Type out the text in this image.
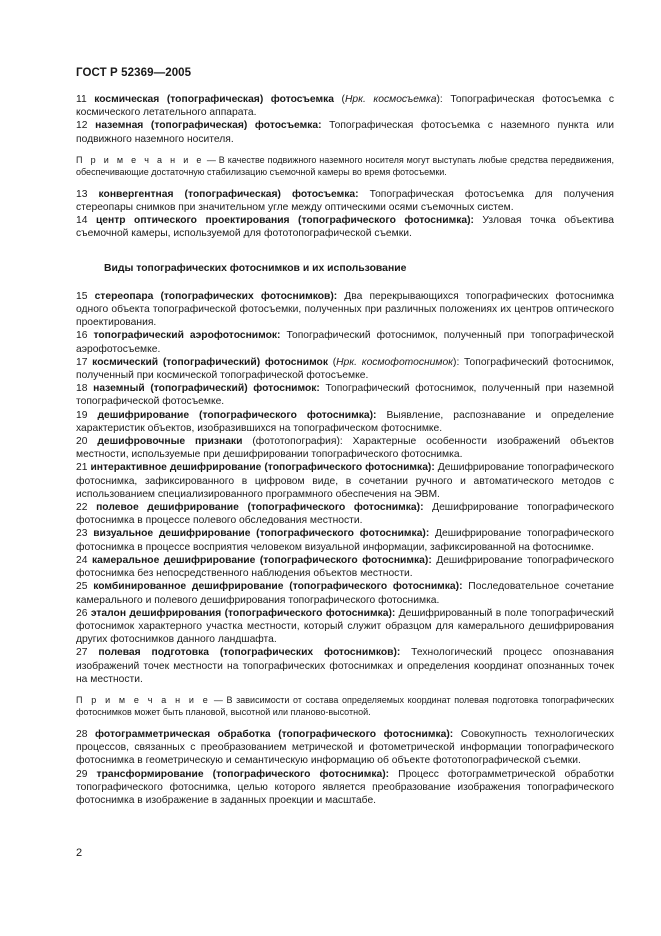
ГОСТ Р 52369—2005

11 космическая (топографическая) фотосъемка (Нрк. космосъемка): Топографическая фотосъемка с космического летательного аппарата.

12 наземная (топографическая) фотосъемка: Топографическая фотосъемка с наземного пункта или подвижного наземного носителя.

П р и м е ч а н и е — В качестве подвижного наземного носителя могут выступать любые средства передвижения, обеспечивающие достаточную стабилизацию съемочной камеры во время фотосъемки.

13 конвергентная (топографическая) фотосъемка: Топографическая фотосъемка для получения стереопары снимков при значительном угле между оптическими осями съемочных систем.

14 центр оптического проектирования (топографического фотоснимка): Узловая точка объектива съемочной камеры, используемой для фототопографической съемки.

Виды топографических фотоснимков и их использование

15 стереопара (топографических фотоснимков): Два перекрывающихся топографических фотоснимка одного объекта топографической фотосъемки, полученных при различных положениях их центров оптического проектирования.

16 топографический аэрофотоснимок: Топографический фотоснимок, полученный при топографической аэрофотосъемке.

17 космический (топографический) фотоснимок (Нрк. космофотоснимок): Топографический фотоснимок, полученный при космической топографической фотосъемке.

18 наземный (топографический) фотоснимок: Топографический фотоснимок, полученный при наземной топографической фотосъемке.

19 дешифрирование (топографического фотоснимка): Выявление, распознавание и определение характеристик объектов, изобразившихся на топографическом фотоснимке.

20 дешифровочные признаки (фототопография): Характерные особенности изображений объектов местности, используемые при дешифрировании топографического фотоснимка.

21 интерактивное дешифрирование (топографического фотоснимка): Дешифрирование топографического фотоснимка, зафиксированного в цифровом виде, в сочетании ручного и автоматического методов с использованием специализированного программного обеспечения на ЭВМ.

22 полевое дешифрирование (топографического фотоснимка): Дешифрирование топографического фотоснимка в процессе полевого обследования местности.

23 визуальное дешифрирование (топографического фотоснимка): Дешифрирование топографического фотоснимка в процессе восприятия человеком визуальной информации, зафиксированной на фотоснимке.

24 камеральное дешифрирование (топографического фотоснимка): Дешифрирование топографического фотоснимка без непосредственного наблюдения объектов местности.

25 комбинированное дешифрирование (топографического фотоснимка): Последовательное сочетание камерального и полевого дешифрирования топографического фотоснимка.

26 эталон дешифрирования (топографического фотоснимка): Дешифрированный в поле топографический фотоснимок характерного участка местности, который служит образцом для камерального дешифрирования других фотоснимков данного ландшафта.

27 полевая подготовка (топографических фотоснимков): Технологический процесс опознавания изображений точек местности на топографических фотоснимках и определения координат опознанных точек на местности.

П р и м е ч а н и е — В зависимости от состава определяемых координат полевая подготовка топографических фотоснимков может быть плановой, высотной или планово-высотной.

28 фотограмметрическая обработка (топографического фотоснимка): Совокупность технологических процессов, связанных с преобразованием метрической и фотометрической информации топографического фотоснимка в геометрическую и семантическую информацию об объекте фототопографической съемки.

29 трансформирование (топографического фотоснимка): Процесс фотограмметрической обработки топографического фотоснимка, целью которого является преобразование изображения топографического фотоснимка в изображение в заданных проекции и масштабе.

2
